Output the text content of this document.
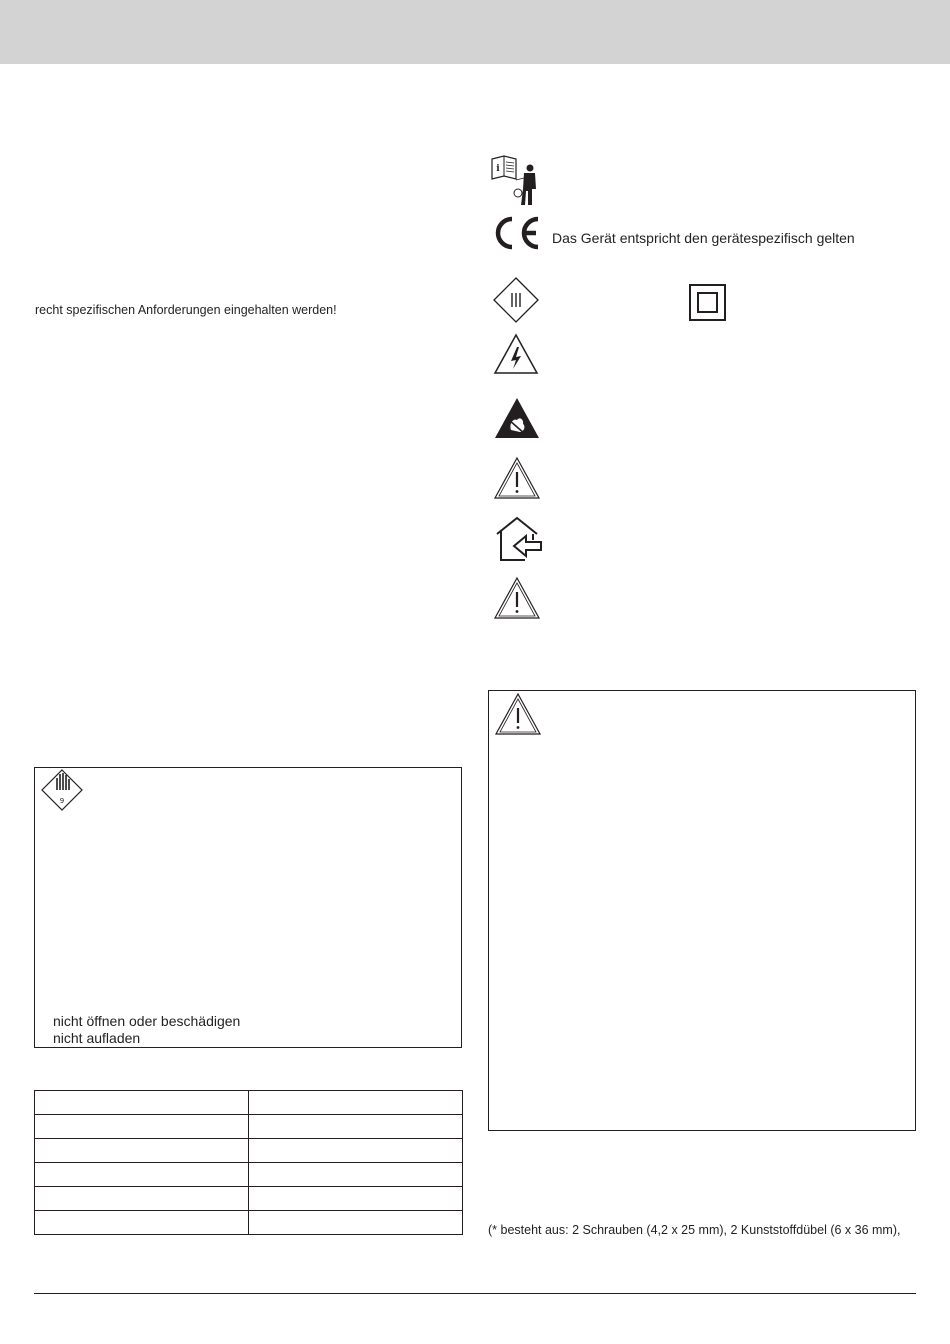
recht spezifischen Anforderungen eingehalten werden!
9
nicht öffnen oder beschädigen
nicht aufladen

i
Das Gerät entspricht den gerätespezifisch gelten
(* besteht aus: 2 Schrauben (4,2 x 25 mm), 2 Kunststoffdübel (6 x 36 mm),
